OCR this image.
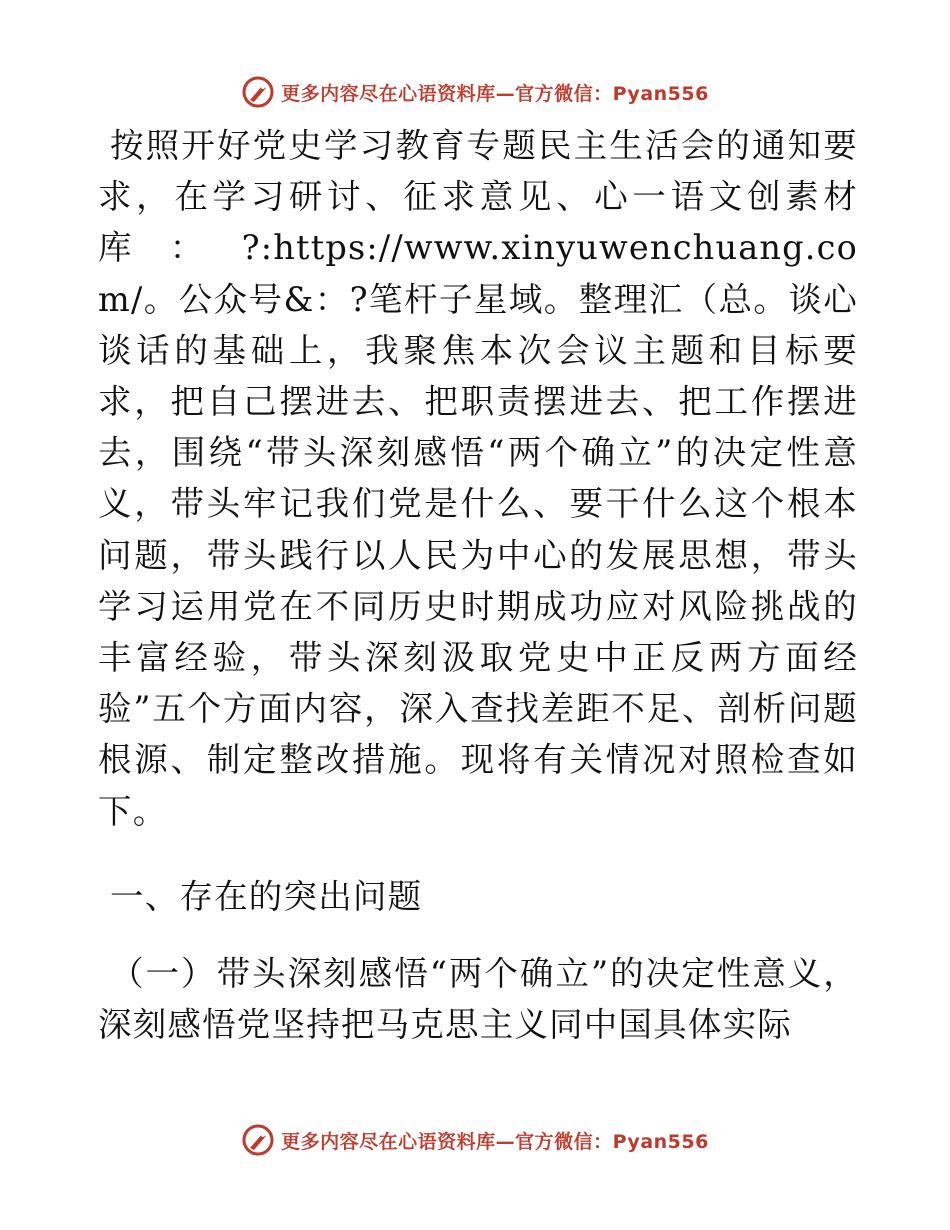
更多内容尽在心语资料库—官方微信：Pyan556

按照开好党史学习教育专题民主生活会的通知要求，在学习研讨、征求意见、心一语文创素材库：?:https://www.xinyuwenchuang.com/。公众号&：?笔杆子星域。整理汇（总。谈心谈话的基础上，我聚焦本次会议主题和目标要求，把自己摆进去、把职责摆进去、把工作摆进去，围绕“带头深刻感悟“两个确立”的决定性意义，带头牢记我们党是什么、要干什么这个根本问题，带头践行以人民为中心的发展思想，带头学习运用党在不同历史时期成功应对风险挑战的丰富经验，带头深刻汲取党史中正反两方面经验”五个方面内容，深入查找差距不足、剖析问题根源、制定整改措施。现将有关情况对照检查如下。

一、存在的突出问题

（一）带头深刻感悟“两个确立”的决定性意义，深刻感悟党坚持把马克思主义同中国具体实际

更多内容尽在心语资料库—官方微信：Pyan556
